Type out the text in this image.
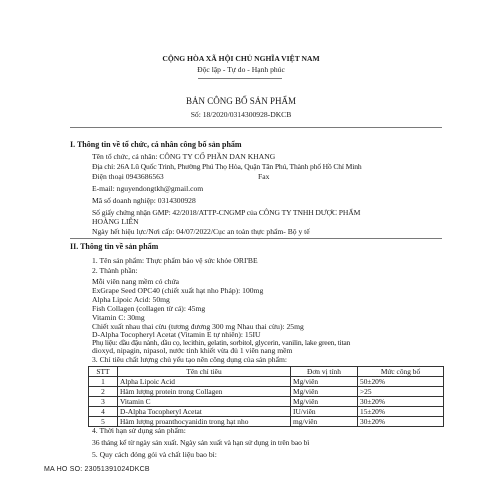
CỘNG HÒA XÃ HỘI CHỦ NGHĨA VIỆT NAM
Độc lập - Tự do - Hạnh phúc
BẢN CÔNG BỐ SẢN PHẨM
Số: 18/2020/0314300928-DKCB
I. Thông tin về tổ chức, cá nhân công bố sản phẩm
Tên tổ chức, cá nhân: CÔNG TY CỔ PHẦN DAN KHANG
Địa chỉ: 26A Lũ Quốc Trinh, Phường Phú Thọ Hòa, Quận Tân Phú, Thành phố Hồ Chí Minh
Điện thoại 0943686563	Fax
E-mail: nguyendongtkh@gmail.com
Mã số doanh nghiệp: 0314300928
Số giấy chứng nhận GMP: 42/2018/ATTP-CNGMP của CÔNG TY TNHH DƯỢC PHẨM
HOÀNG LIÊN
Ngày hết hiệu lực/Nơi cấp: 04/07/2022/Cục an toàn thực phẩm- Bộ y tế
II. Thông tin về sản phẩm
1. Tên sản phẩm: Thực phẩm bảo vệ sức khỏe ORI'BE
2. Thành phần:
Mỗi viên nang mềm có chứa
ExGrape Seed OPC40 (chiết xuất hạt nho Pháp): 100mg
Alpha Lipoic Acid: 50mg
Fish Collagen (collagen từ cá): 45mg
Vitamin C: 30mg
Chiết xuất nhau thai cừu (tương đương 300 mg Nhau thai cừu): 25mg
D-Alpha Tocopheryl Acetat (Vitamin E tự nhiên): 15IU
Phụ liệu: dầu đậu nành, dầu cọ, lecithin, gelatin, sorbitol, glycerin, vanilin, lake green, titan
dioxyd, nipagin, nipasol, nước tinh khiết vừa đủ 1 viên nang mềm
3. Chỉ tiêu chất lượng chủ yếu tạo nên công dụng của sản phẩm:
STT	Tên chỉ tiêu	Đơn vị tính	Mức công bố
1	Alpha Lipoic Acid	Mg/viên	50±20%
2	Hàm lượng protein trong Collagen	Mg/viên	>25
3	Vitamin C	Mg/viên	30±20%
4	D-Alpha Tocopheryl Acetat	IU/viên	15±20%
5	Hàm lượng proanthocyanidin trong hạt nho	mg/viên	30±20%
4. Thời hạn sử dụng sản phẩm:
36 tháng kể từ ngày sản xuất. Ngày sản xuất và hạn sử dụng in trên bao bì
5. Quy cách đóng gói và chất liệu bao bì:
MA HO SO: 23051391024DKCB
